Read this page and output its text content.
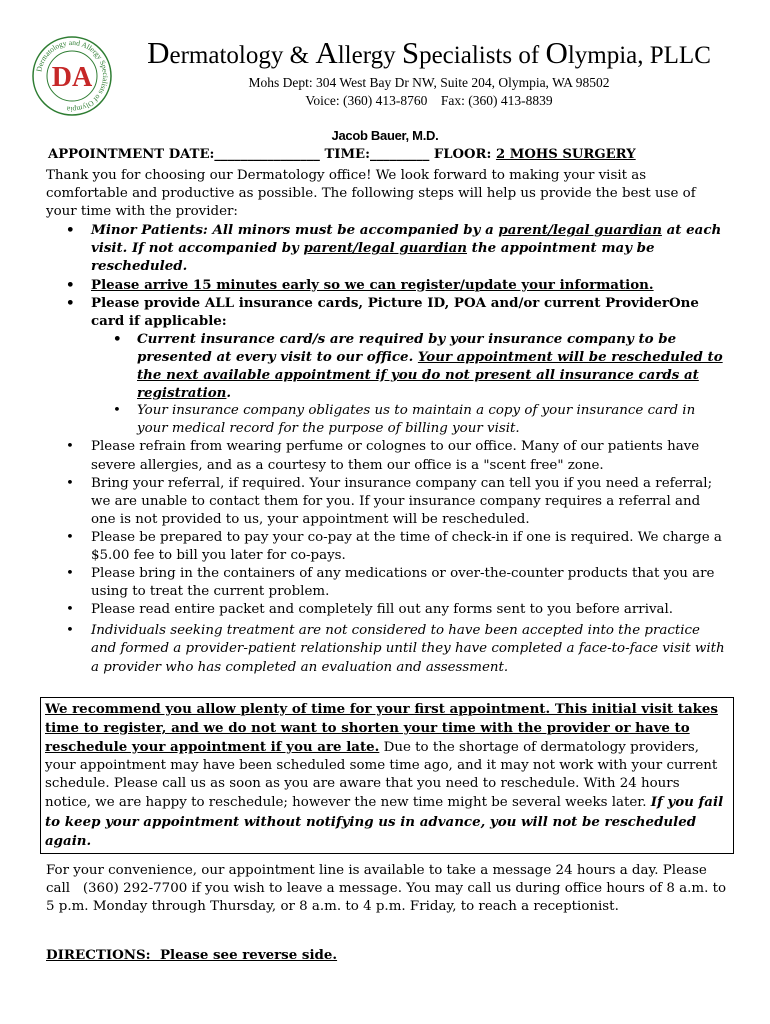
Dermatology and Allergy Specialists of Olympia
DA
Dermatology & Allergy Specialists of Olympia, PLLC
Mohs Dept: 304 West Bay Dr NW, Suite 204, Olympia, WA 98502
Voice: (360) 413-8760    Fax: (360) 413-8839
Jacob Bauer, M.D.
APPOINTMENT DATE:________________ TIME:_________ FLOOR: 2 MOHS SURGERY

Thank you for choosing our Dermatology office! We look forward to making your visit as comfortable and productive as possible. The following steps will help us provide the best use of your time with the provider:

• Minor Patients: All minors must be accompanied by a parent/legal guardian at each visit. If not accompanied by parent/legal guardian the appointment may be rescheduled.
• Please arrive 15 minutes early so we can register/update your information.
• Please provide ALL insurance cards, Picture ID, POA and/or current ProviderOne card if applicable:
• Current insurance card/s are required by your insurance company to be presented at every visit to our office. Your appointment will be rescheduled to the next available appointment if you do not present all insurance cards at registration.
• Your insurance company obligates us to maintain a copy of your insurance card in your medical record for the purpose of billing your visit.
• Please refrain from wearing perfume or colognes to our office. Many of our patients have severe allergies, and as a courtesy to them our office is a "scent free" zone.
• Bring your referral, if required. Your insurance company can tell you if you need a referral; we are unable to contact them for you. If your insurance company requires a referral and one is not provided to us, your appointment will be rescheduled.
• Please be prepared to pay your co-pay at the time of check-in if one is required. We charge a $5.00 fee to bill you later for co-pays.
• Please bring in the containers of any medications or over-the-counter products that you are using to treat the current problem.
• Please read entire packet and completely fill out any forms sent to you before arrival.
• Individuals seeking treatment are not considered to have been accepted into the practice and formed a provider-patient relationship until they have completed a face-to-face visit with a provider who has completed an evaluation and assessment.
We recommend you allow plenty of time for your first appointment. This initial visit takes time to register, and we do not want to shorten your time with the provider or have to reschedule your appointment if you are late. Due to the shortage of dermatology providers, your appointment may have been scheduled some time ago, and it may not work with your current schedule. Please call us as soon as you are aware that you need to reschedule. With 24 hours notice, we are happy to reschedule; however the new time might be several weeks later. If you fail to keep your appointment without notifying us in advance, you will not be rescheduled again.
For your convenience, our appointment line is available to take a message 24 hours a day. Please call   (360) 292-7700 if you wish to leave a message. You may call us during office hours of 8 a.m. to 5 p.m. Monday through Thursday, or 8 a.m. to 4 p.m. Friday, to reach a receptionist.
DIRECTIONS:  Please see reverse side.
